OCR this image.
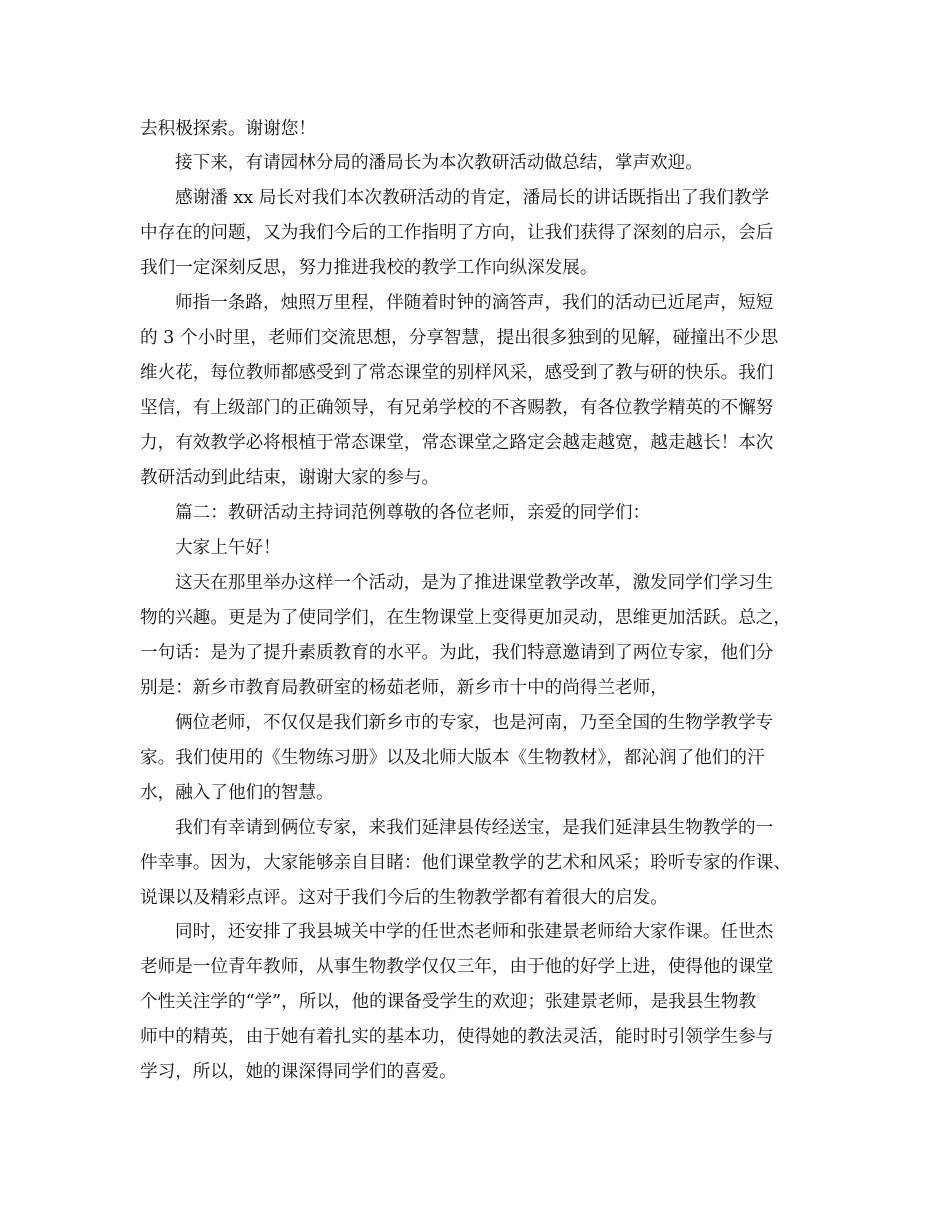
去积极探索。谢谢您！
接下来，有请园林分局的潘局长为本次教研活动做总结，掌声欢迎。
感谢潘 xx 局长对我们本次教研活动的肯定，潘局长的讲话既指出了我们教学
中存在的问题，又为我们今后的工作指明了方向，让我们获得了深刻的启示，会后
我们一定深刻反思，努力推进我校的教学工作向纵深发展。
师指一条路，烛照万里程，伴随着时钟的滴答声，我们的活动已近尾声，短短
的 3 个小时里，老师们交流思想，分享智慧，提出很多独到的见解，碰撞出不少思
维火花，每位教师都感受到了常态课堂的别样风采，感受到了教与研的快乐。我们
坚信，有上级部门的正确领导，有兄弟学校的不吝赐教，有各位教学精英的不懈努
力，有效教学必将根植于常态课堂，常态课堂之路定会越走越宽，越走越长！本次
教研活动到此结束，谢谢大家的参与。
篇二：教研活动主持词范例尊敬的各位老师，亲爱的同学们：
大家上午好！
这天在那里举办这样一个活动，是为了推进课堂教学改革，激发同学们学习生
物的兴趣。更是为了使同学们，在生物课堂上变得更加灵动，思维更加活跃。总之，
一句话：是为了提升素质教育的水平。为此，我们特意邀请到了两位专家，他们分
别是：新乡市教育局教研室的杨茹老师，新乡市十中的尚得兰老师，
俩位老师，不仅仅是我们新乡市的专家，也是河南，乃至全国的生物学教学专
家。我们使用的《生物练习册》以及北师大版本《生物教材》，都沁润了他们的汗
水，融入了他们的智慧。
我们有幸请到俩位专家，来我们延津县传经送宝，是我们延津县生物教学的一
件幸事。因为，大家能够亲自目睹：他们课堂教学的艺术和风采；聆听专家的作课、
说课以及精彩点评。这对于我们今后的生物教学都有着很大的启发。
同时，还安排了我县城关中学的任世杰老师和张建景老师给大家作课。任世杰
老师是一位青年教师，从事生物教学仅仅三年，由于他的好学上进，使得他的课堂
个性关注学的“学”，所以，他的课备受学生的欢迎；张建景老师，是我县生物教
师中的精英，由于她有着扎实的基本功，使得她的教法灵活，能时时引领学生参与
学习，所以，她的课深得同学们的喜爱。
